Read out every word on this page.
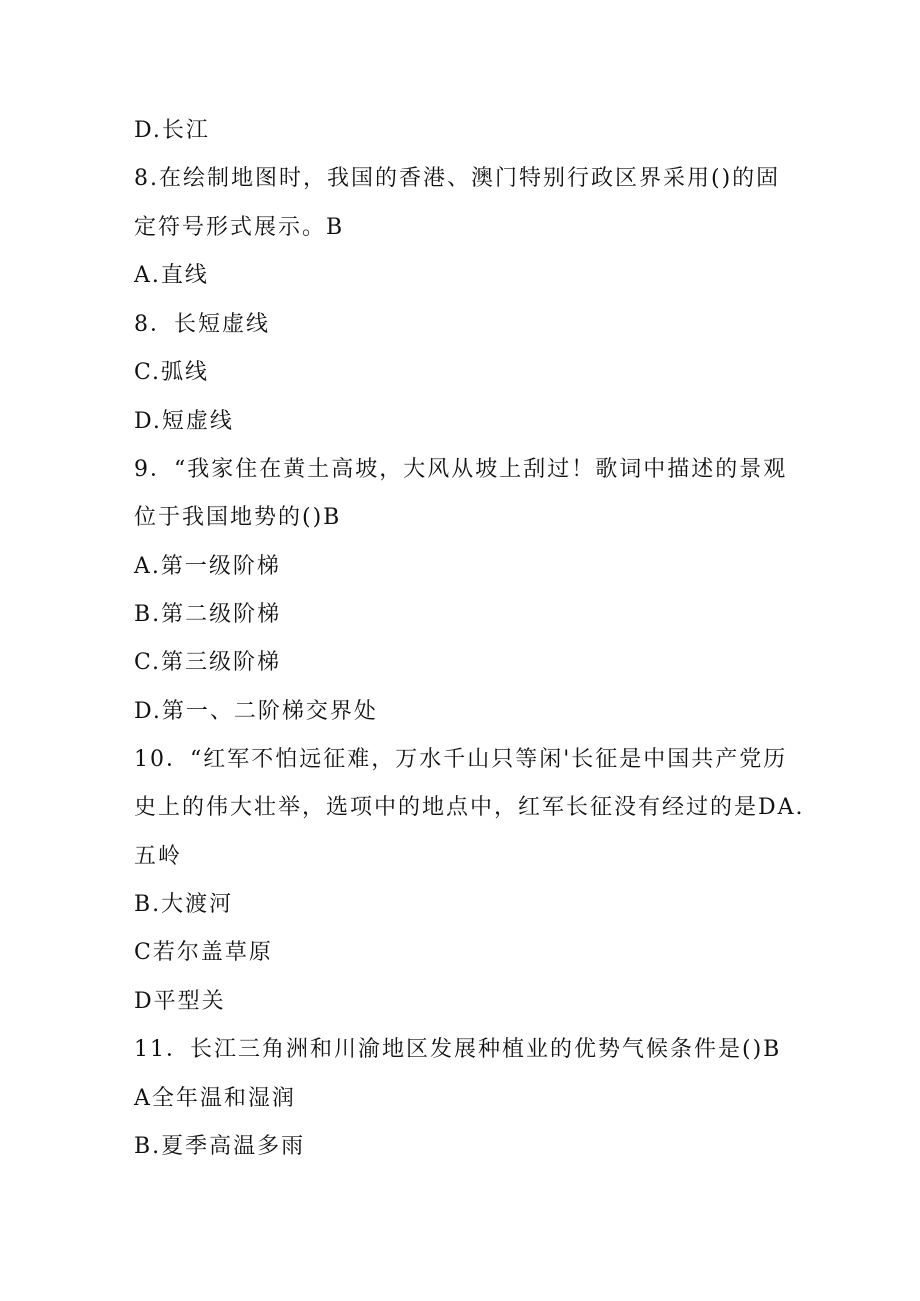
D.长江
8.在绘制地图时，我国的香港、澳门特别行政区界采用()的固
定符号形式展示。B
A.直线
8．长短虚线
C.弧线
D.短虚线
9．“我家住在黄土高坡，大风从坡上刮过！歌词中描述的景观
位于我国地势的()B
A.第一级阶梯
B.第二级阶梯
C.第三级阶梯
D.第一、二阶梯交界处
10．“红军不怕远征难，万水千山只等闲'长征是中国共产党历
史上的伟大壮举，选项中的地点中，红军长征没有经过的是DA.
五岭
B.大渡河
C若尔盖草原
D平型关
11．长江三角洲和川渝地区发展种植业的优势气候条件是()B
A全年温和湿润
B.夏季高温多雨
